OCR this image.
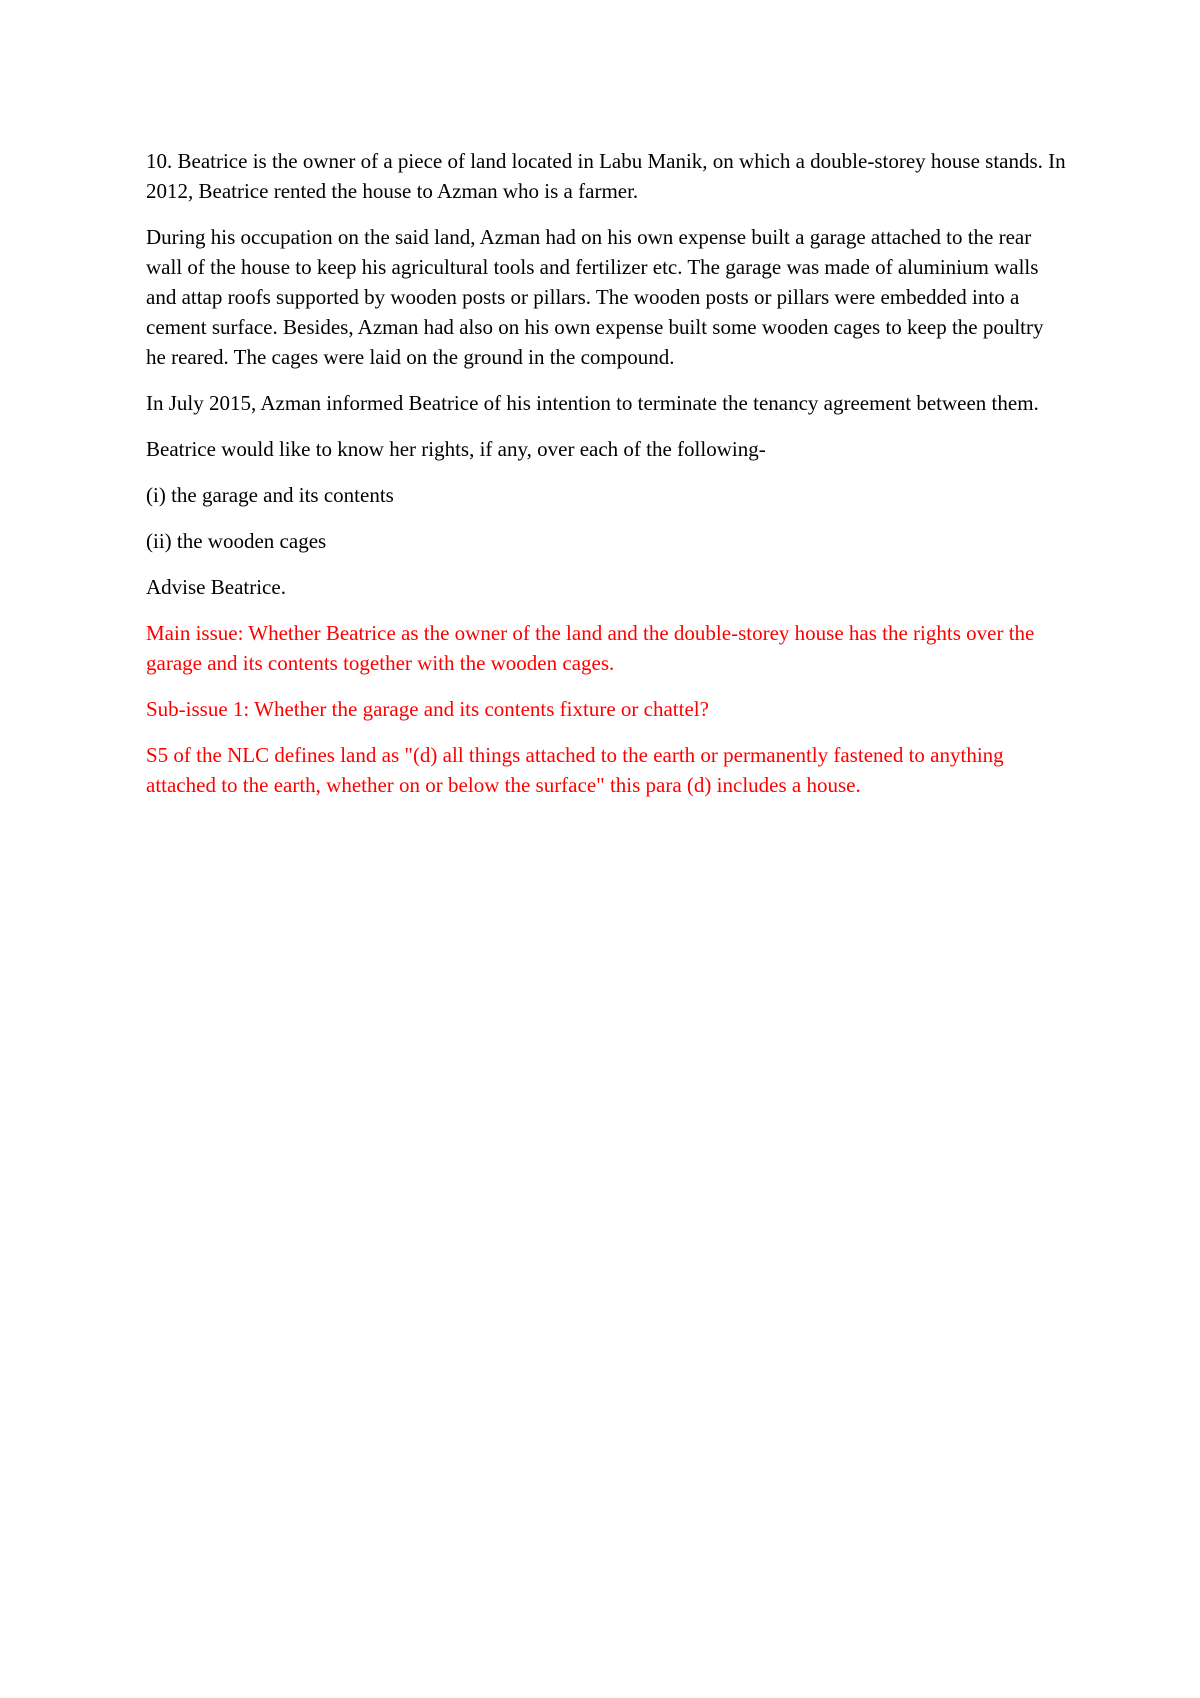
10. Beatrice is the owner of a piece of land located in Labu Manik, on which a double-storey house stands. In 2012, Beatrice rented the house to Azman who is a farmer.

During his occupation on the said land, Azman had on his own expense built a garage attached to the rear wall of the house to keep his agricultural tools and fertilizer etc. The garage was made of aluminium walls and attap roofs supported by wooden posts or pillars. The wooden posts or pillars were embedded into a cement surface. Besides, Azman had also on his own expense built some wooden cages to keep the poultry he reared. The cages were laid on the ground in the compound.

In July 2015, Azman informed Beatrice of his intention to terminate the tenancy agreement between them.

Beatrice would like to know her rights, if any, over each of the following-

(i) the garage and its contents

(ii) the wooden cages

Advise Beatrice.

Main issue: Whether Beatrice as the owner of the land and the double-storey house has the rights over the garage and its contents together with the wooden cages.

Sub-issue 1: Whether the garage and its contents fixture or chattel?

S5 of the NLC defines land as "(d) all things attached to the earth or permanently fastened to anything attached to the earth, whether on or below the surface" this para (d) includes a house.
